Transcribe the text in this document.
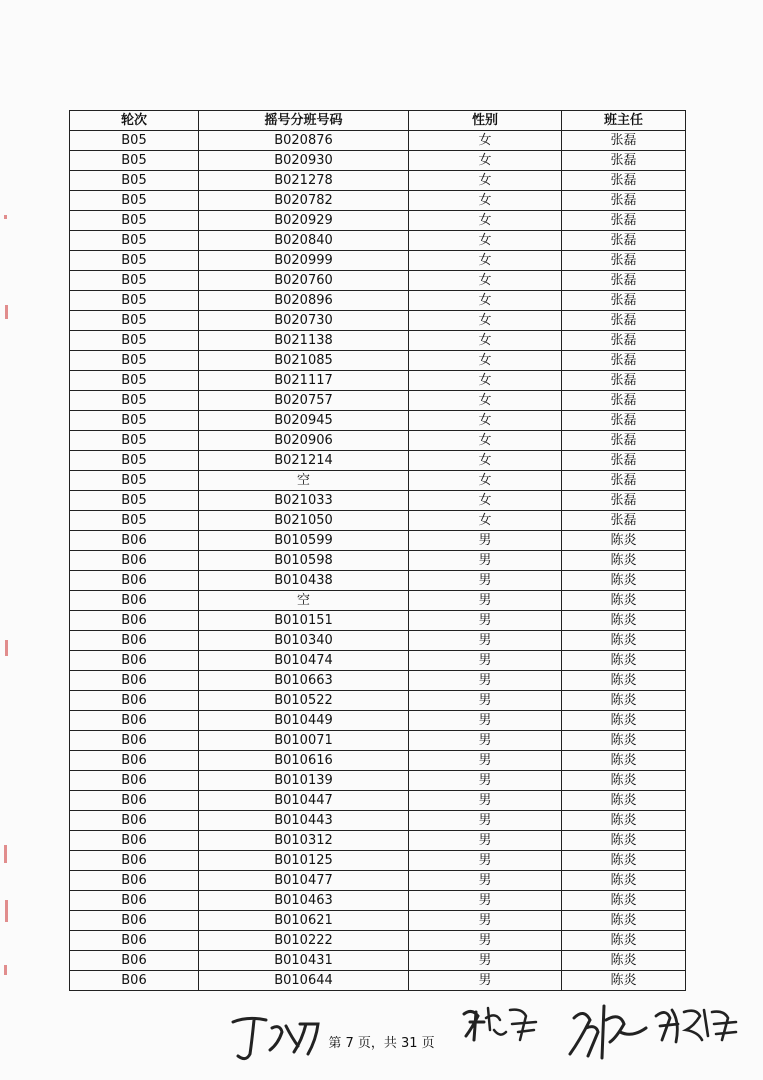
轮次	摇号分班号码	性别	班主任
B05	B020876	女	张磊
B05	B020930	女	张磊
B05	B021278	女	张磊
B05	B020782	女	张磊
B05	B020929	女	张磊
B05	B020840	女	张磊
B05	B020999	女	张磊
B05	B020760	女	张磊
B05	B020896	女	张磊
B05	B020730	女	张磊
B05	B021138	女	张磊
B05	B021085	女	张磊
B05	B021117	女	张磊
B05	B020757	女	张磊
B05	B020945	女	张磊
B05	B020906	女	张磊
B05	B021214	女	张磊
B05	空	女	张磊
B05	B021033	女	张磊
B05	B021050	女	张磊
B06	B010599	男	陈炎
B06	B010598	男	陈炎
B06	B010438	男	陈炎
B06	空	男	陈炎
B06	B010151	男	陈炎
B06	B010340	男	陈炎
B06	B010474	男	陈炎
B06	B010663	男	陈炎
B06	B010522	男	陈炎
B06	B010449	男	陈炎
B06	B010071	男	陈炎
B06	B010616	男	陈炎
B06	B010139	男	陈炎
B06	B010447	男	陈炎
B06	B010443	男	陈炎
B06	B010312	男	陈炎
B06	B010125	男	陈炎
B06	B010477	男	陈炎
B06	B010463	男	陈炎
B06	B010621	男	陈炎
B06	B010222	男	陈炎
B06	B010431	男	陈炎
B06	B010644	男	陈炎
第 7 页，共 31 页
